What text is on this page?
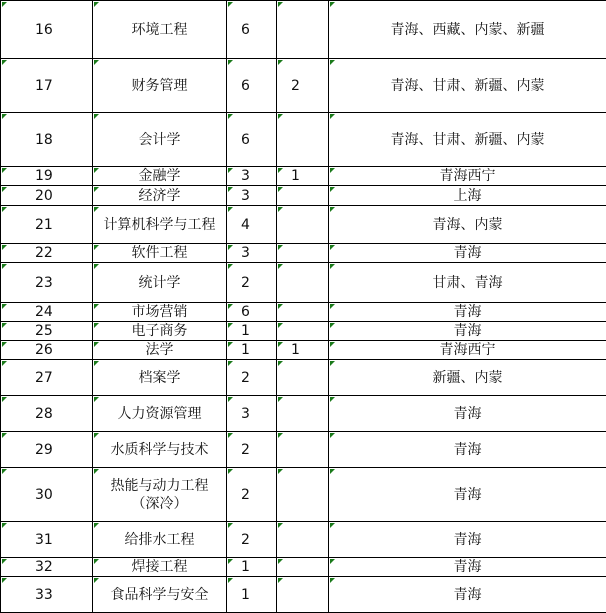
16	环境工程	6		青海、西藏、内蒙、新疆
17	财务管理	6	2	青海、甘肃、新疆、内蒙
18	会计学	6		青海、甘肃、新疆、内蒙
19	金融学	3	1	青海西宁
20	经济学	3		上海
21	计算机科学与工程	4		青海、内蒙
22	软件工程	3		青海
23	统计学	2		甘肃、青海
24	市场营销	6		青海
25	电子商务	1		青海
26	法学	1	1	青海西宁
27	档案学	2		新疆、内蒙
28	人力资源管理	3		青海
29	水质科学与技术	2		青海
30	热能与动力工程（深冷）	2		青海
31	给排水工程	2		青海
32	焊接工程	1		青海
33	食品科学与安全	1		青海
